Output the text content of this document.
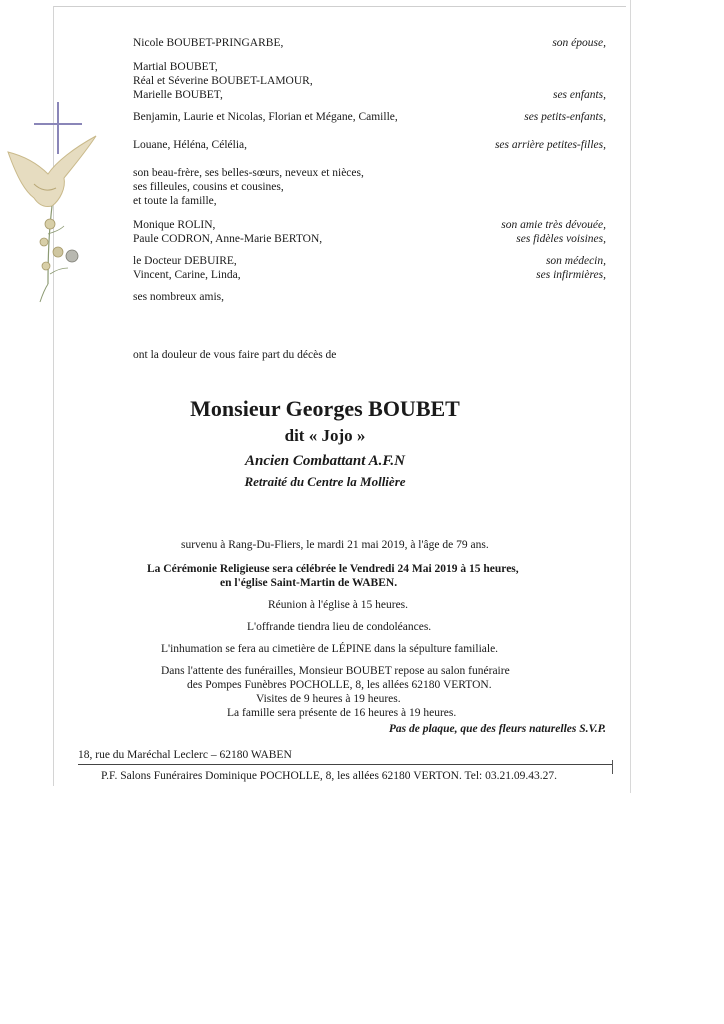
Nicole BOUBET-PRINGARBE,	son épouse,
Martial BOUBET,
Réal et Séverine BOUBET-LAMOUR,
Marielle BOUBET,	ses enfants,
Benjamin, Laurie et Nicolas, Florian et Mégane, Camille,	ses petits-enfants,
Louane, Héléna, Célélia,	ses arrière petites-filles,
son beau-frère, ses belles-sœurs, neveux et nièces,
ses filleules, cousins et cousines,
et toute la famille,
Monique ROLIN,	son amie très dévouée,
Paule CODRON, Anne-Marie BERTON,	ses fidèles voisines,
le Docteur DEBUIRE,	son médecin,
Vincent, Carine, Linda,	ses infirmières,
ses nombreux amis,
ont la douleur de vous faire part du décès de
Monsieur Georges BOUBET
dit « Jojo »
Ancien Combattant A.F.N
Retraité du Centre la Mollière
survenu à Rang-Du-Fliers, le mardi 21 mai 2019, à l'âge de 79 ans.
La Cérémonie Religieuse sera célébrée le Vendredi 24 Mai 2019 à 15 heures,
en l'église Saint-Martin de WABEN.
Réunion à l'église à 15 heures.
L'offrande tiendra lieu de condoléances.
L'inhumation se fera au cimetière de LÉPINE dans la sépulture familiale.
Dans l'attente des funérailles, Monsieur BOUBET repose au salon funéraire
des Pompes Funèbres POCHOLLE, 8, les allées 62180 VERTON.
Visites de 9 heures à 19 heures.
La famille sera présente de 16 heures à 19 heures.
Pas de plaque, que des fleurs naturelles S.V.P.
18, rue du Maréchal Leclerc – 62180 WABEN
P.F. Salons Funéraires Dominique POCHOLLE, 8, les allées 62180 VERTON. Tel: 03.21.09.43.27.
